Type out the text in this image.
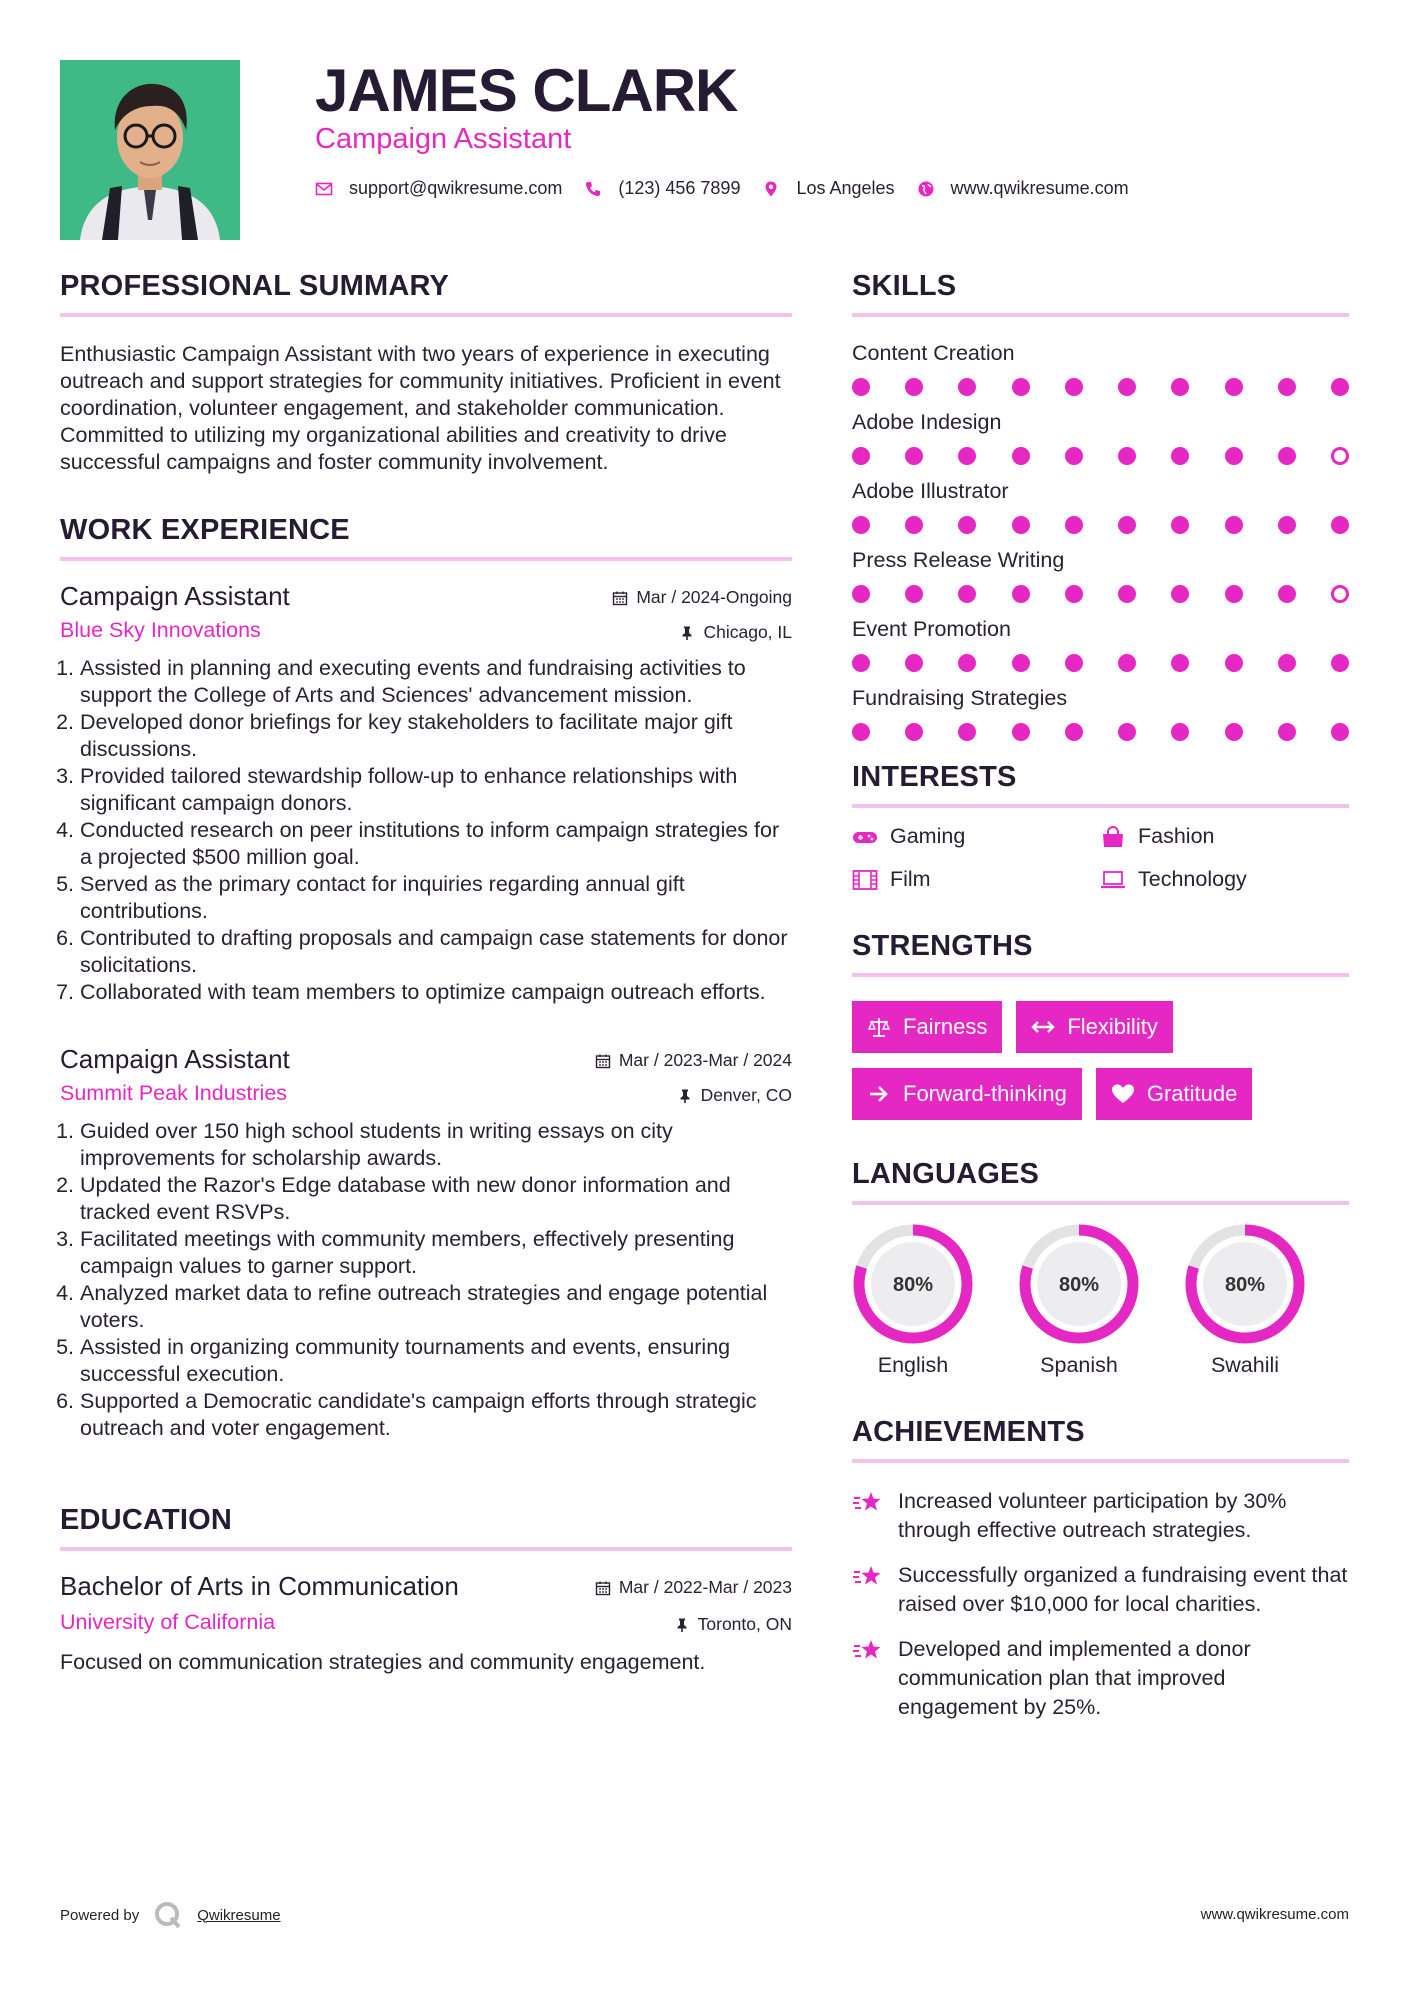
JAMES CLARK
Campaign Assistant
support@qwikresume.com	(123) 456 7899	Los Angeles	www.qwikresume.com
PROFESSIONAL SUMMARY
Enthusiastic Campaign Assistant with two years of experience in executing outreach and support strategies for community initiatives. Proficient in event coordination, volunteer engagement, and stakeholder communication. Committed to utilizing my organizational abilities and creativity to drive successful campaigns and foster community involvement.
WORK EXPERIENCE
Campaign Assistant	Mar / 2024-Ongoing
Blue Sky Innovations	Chicago, IL
1. Assisted in planning and executing events and fundraising activities to support the College of Arts and Sciences' advancement mission.
2. Developed donor briefings for key stakeholders to facilitate major gift discussions.
3. Provided tailored stewardship follow-up to enhance relationships with significant campaign donors.
4. Conducted research on peer institutions to inform campaign strategies for a projected $500 million goal.
5. Served as the primary contact for inquiries regarding annual gift contributions.
6. Contributed to drafting proposals and campaign case statements for donor solicitations.
7. Collaborated with team members to optimize campaign outreach efforts.
Campaign Assistant	Mar / 2023-Mar / 2024
Summit Peak Industries	Denver, CO
1. Guided over 150 high school students in writing essays on city improvements for scholarship awards.
2. Updated the Razor's Edge database with new donor information and tracked event RSVPs.
3. Facilitated meetings with community members, effectively presenting campaign values to garner support.
4. Analyzed market data to refine outreach strategies and engage potential voters.
5. Assisted in organizing community tournaments and events, ensuring successful execution.
6. Supported a Democratic candidate's campaign efforts through strategic outreach and voter engagement.
EDUCATION
Bachelor of Arts in Communication	Mar / 2022-Mar / 2023
University of California	Toronto, ON
Focused on communication strategies and community engagement.
SKILLS
Content Creation
Adobe Indesign
Adobe Illustrator
Press Release Writing
Event Promotion
Fundraising Strategies
INTERESTS
Gaming	Fashion
Film	Technology
STRENGTHS
Fairness	Flexibility
Forward-thinking	Gratitude
LANGUAGES
80%
English
80%
Spanish
80%
Swahili
ACHIEVEMENTS
Increased volunteer participation by 30% through effective outreach strategies.
Successfully organized a fundraising event that raised over $10,000 for local charities.
Developed and implemented a donor communication plan that improved engagement by 25%.
Powered by	Qwikresume	www.qwikresume.com
